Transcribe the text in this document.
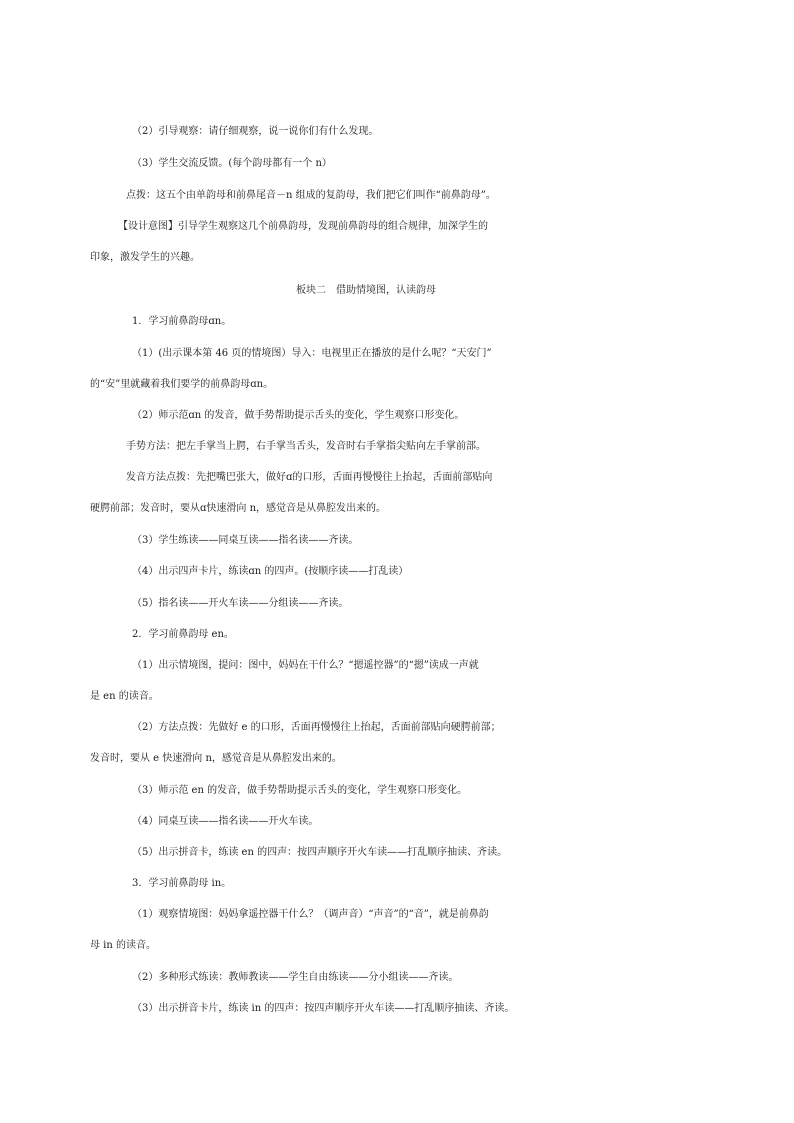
（2）引导观察：请仔细观察，说一说你们有什么发现。
（3）学生交流反馈。(每个韵母都有一个 n）
点拨：这五个由单韵母和前鼻尾音－n 组成的复韵母，我们把它们叫作“前鼻韵母”。
【设计意图】引导学生观察这几个前鼻韵母，发现前鼻韵母的组合规律，加深学生的
印象，激发学生的兴趣。
板块二　借助情境图，认读韵母
1．学习前鼻韵母ɑn。
（1）(出示课本第 46 页的情境图）导入：电视里正在播放的是什么呢？“天安门”
的“安”里就藏着我们要学的前鼻韵母ɑn。
（2）师示范ɑn 的发音，做手势帮助提示舌头的变化，学生观察口形变化。
手势方法：把左手掌当上腭，右手掌当舌头，发音时右手掌指尖贴向左手掌前部。
发音方法点拨：先把嘴巴张大，做好ɑ的口形，舌面再慢慢往上抬起，舌面前部贴向
硬腭前部；发音时，要从ɑ快速滑向 n，感觉音是从鼻腔发出来的。
（3）学生练读——同桌互读——指名读——齐读。
（4）出示四声卡片，练读ɑn 的四声。(按顺序读——打乱读）
（5）指名读——开火车读——分组读——齐读。
2．学习前鼻韵母 en。
（1）出示情境图，提问：图中，妈妈在干什么？“摁遥控器”的“摁”读成一声就
是 en 的读音。
（2）方法点拨：先做好 e 的口形，舌面再慢慢往上抬起，舌面前部贴向硬腭前部；
发音时，要从 e 快速滑向 n，感觉音是从鼻腔发出来的。
（3）师示范 en 的发音，做手势帮助提示舌头的变化，学生观察口形变化。
（4）同桌互读——指名读——开火车读。
（5）出示拼音卡，练读 en 的四声：按四声顺序开火车读——打乱顺序抽读、齐读。
3．学习前鼻韵母 in。
（1）观察情境图：妈妈拿遥控器干什么？（调声音）“声音”的“音”，就是前鼻韵
母 in 的读音。
（2）多种形式练读：教师教读——学生自由练读——分小组读——齐读。
（3）出示拼音卡片，练读 in 的四声：按四声顺序开火车读——打乱顺序抽读、齐读。
